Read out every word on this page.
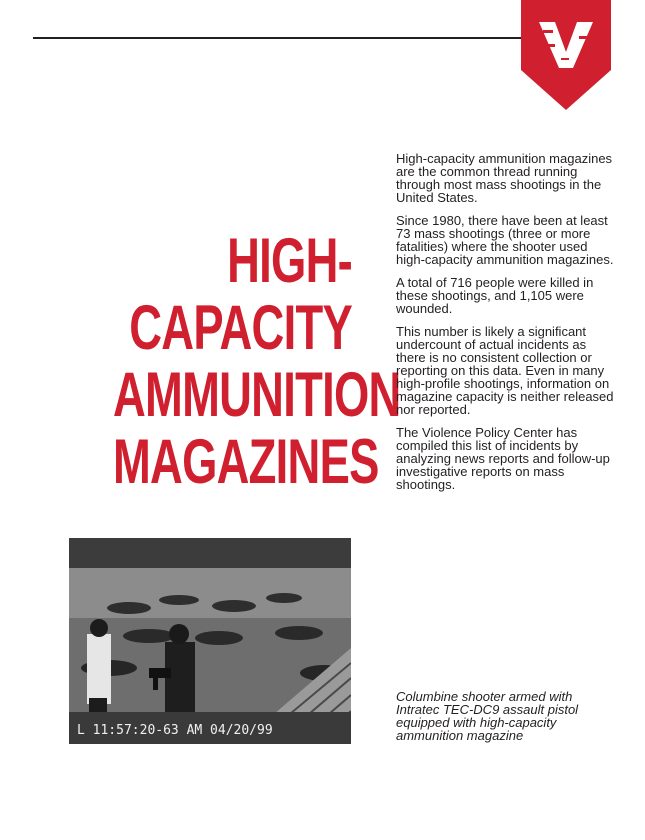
HIGH-
CAPACITY
AMMUNITION
MAGAZINES

High-capacity ammunition magazines are the common thread running through most mass shootings in the United States.

Since 1980, there have been at least 73 mass shootings (three or more fatalities) where the shooter used high-capacity ammunition magazines.

A total of 716 people were killed in these shootings, and 1,105 were wounded.

This number is likely a significant undercount of actual incidents as there is no consistent collection or reporting on this data. Even in many high-profile shootings, information on magazine capacity is neither released nor reported.

The Violence Policy Center has compiled this list of incidents by analyzing news reports and follow-up investigative reports on mass shootings.

L 11:57:20-63 AM 04/20/99
Columbine shooter armed with Intratec TEC-DC9 assault pistol equipped with high-capacity ammunition magazine
